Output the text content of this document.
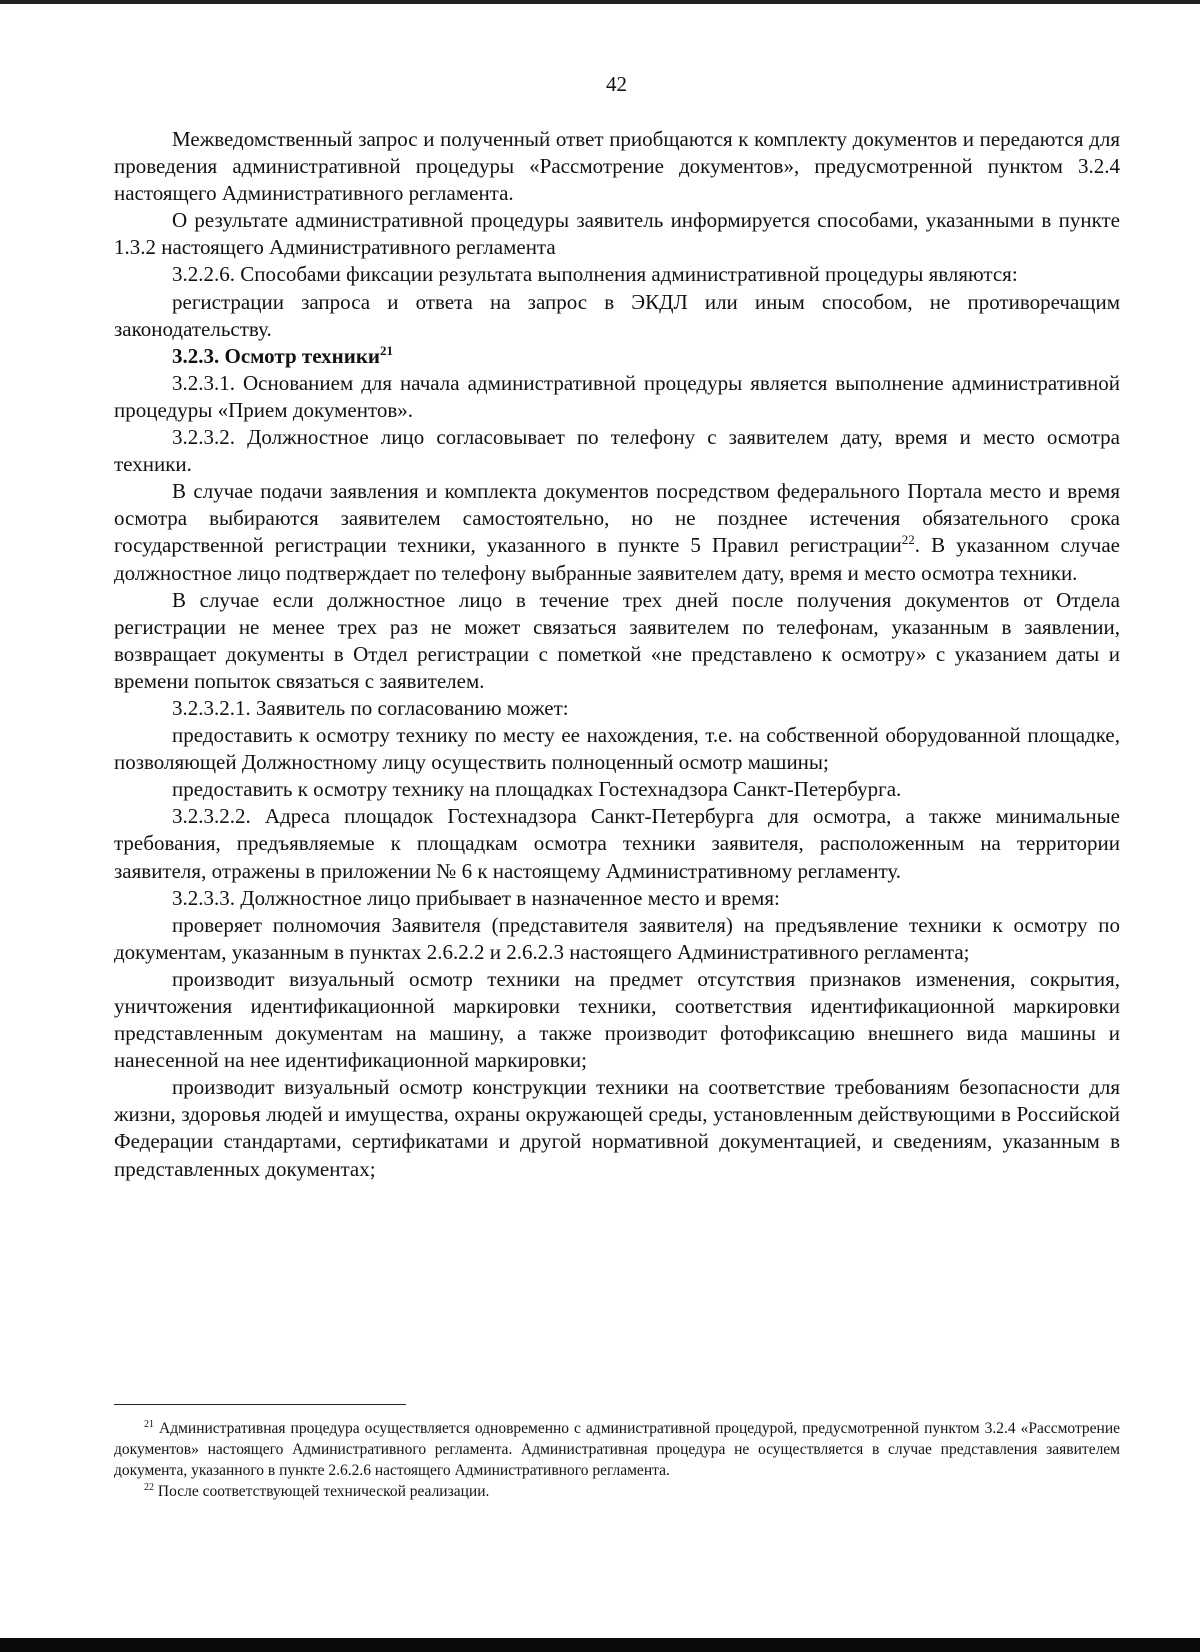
42

Межведомственный запрос и полученный ответ приобщаются к комплекту документов и передаются для проведения административной процедуры «Рассмотрение документов», предусмотренной пунктом 3.2.4 настоящего Административного регламента.

О результате административной процедуры заявитель информируется способами, указанными в пункте 1.3.2 настоящего Административного регламента

3.2.2.6. Способами фиксации результата выполнения административной процедуры являются:

регистрации запроса и ответа на запрос в ЭКДЛ или иным способом, не противоречащим законодательству.

3.2.3. Осмотр техники$^{21}$

3.2.3.1. Основанием для начала административной процедуры является выполнение административной процедуры «Прием документов».

3.2.3.2. Должностное лицо согласовывает по телефону с заявителем дату, время и место осмотра техники.

В случае подачи заявления и комплекта документов посредством федерального Портала место и время осмотра выбираются заявителем самостоятельно, но не позднее истечения обязательного срока государственной регистрации техники, указанного в пункте 5 Правил регистрации$^{22}$. В указанном случае должностное лицо подтверждает по телефону выбранные заявителем дату, время и место осмотра техники.

В случае если должностное лицо в течение трех дней после получения документов от Отдела регистрации не менее трех раз не может связаться заявителем по телефонам, указанным в заявлении, возвращает документы в Отдел регистрации с пометкой «не представлено к осмотру» с указанием даты и времени попыток связаться с заявителем.

3.2.3.2.1. Заявитель по согласованию может:

предоставить к осмотру технику по месту ее нахождения, т.е. на собственной оборудованной площадке, позволяющей Должностному лицу осуществить полноценный осмотр машины;

предоставить к осмотру технику на площадках Гостехнадзора Санкт-Петербурга.

3.2.3.2.2. Адреса площадок Гостехнадзора Санкт-Петербурга для осмотра, а также минимальные требования, предъявляемые к площадкам осмотра техники заявителя, расположенным на территории заявителя, отражены в приложении № 6 к настоящему Административному регламенту.

3.2.3.3. Должностное лицо прибывает в назначенное место и время:

проверяет полномочия Заявителя (представителя заявителя) на предъявление техники к осмотру по документам, указанным в пунктах 2.6.2.2 и 2.6.2.3 настоящего Административного регламента;

производит визуальный осмотр техники на предмет отсутствия признаков изменения, сокрытия, уничтожения идентификационной маркировки техники, соответствия идентификационной маркировки представленным документам на машину, а также производит фотофиксацию внешнего вида машины и нанесенной на нее идентификационной маркировки;

производит визуальный осмотр конструкции техники на соответствие требованиям безопасности для жизни, здоровья людей и имущества, охраны окружающей среды, установленным действующими в Российской Федерации стандартами, сертификатами и другой нормативной документацией, и сведениям, указанным в представленных документах;

$^{21}$ Административная процедура осуществляется одновременно с административной процедурой, предусмотренной пунктом 3.2.4 «Рассмотрение документов» настоящего Административного регламента. Административная процедура не осуществляется в случае представления заявителем документа, указанного в пункте 2.6.2.6 настоящего Административного регламента.

$^{22}$ После соответствующей технической реализации.
